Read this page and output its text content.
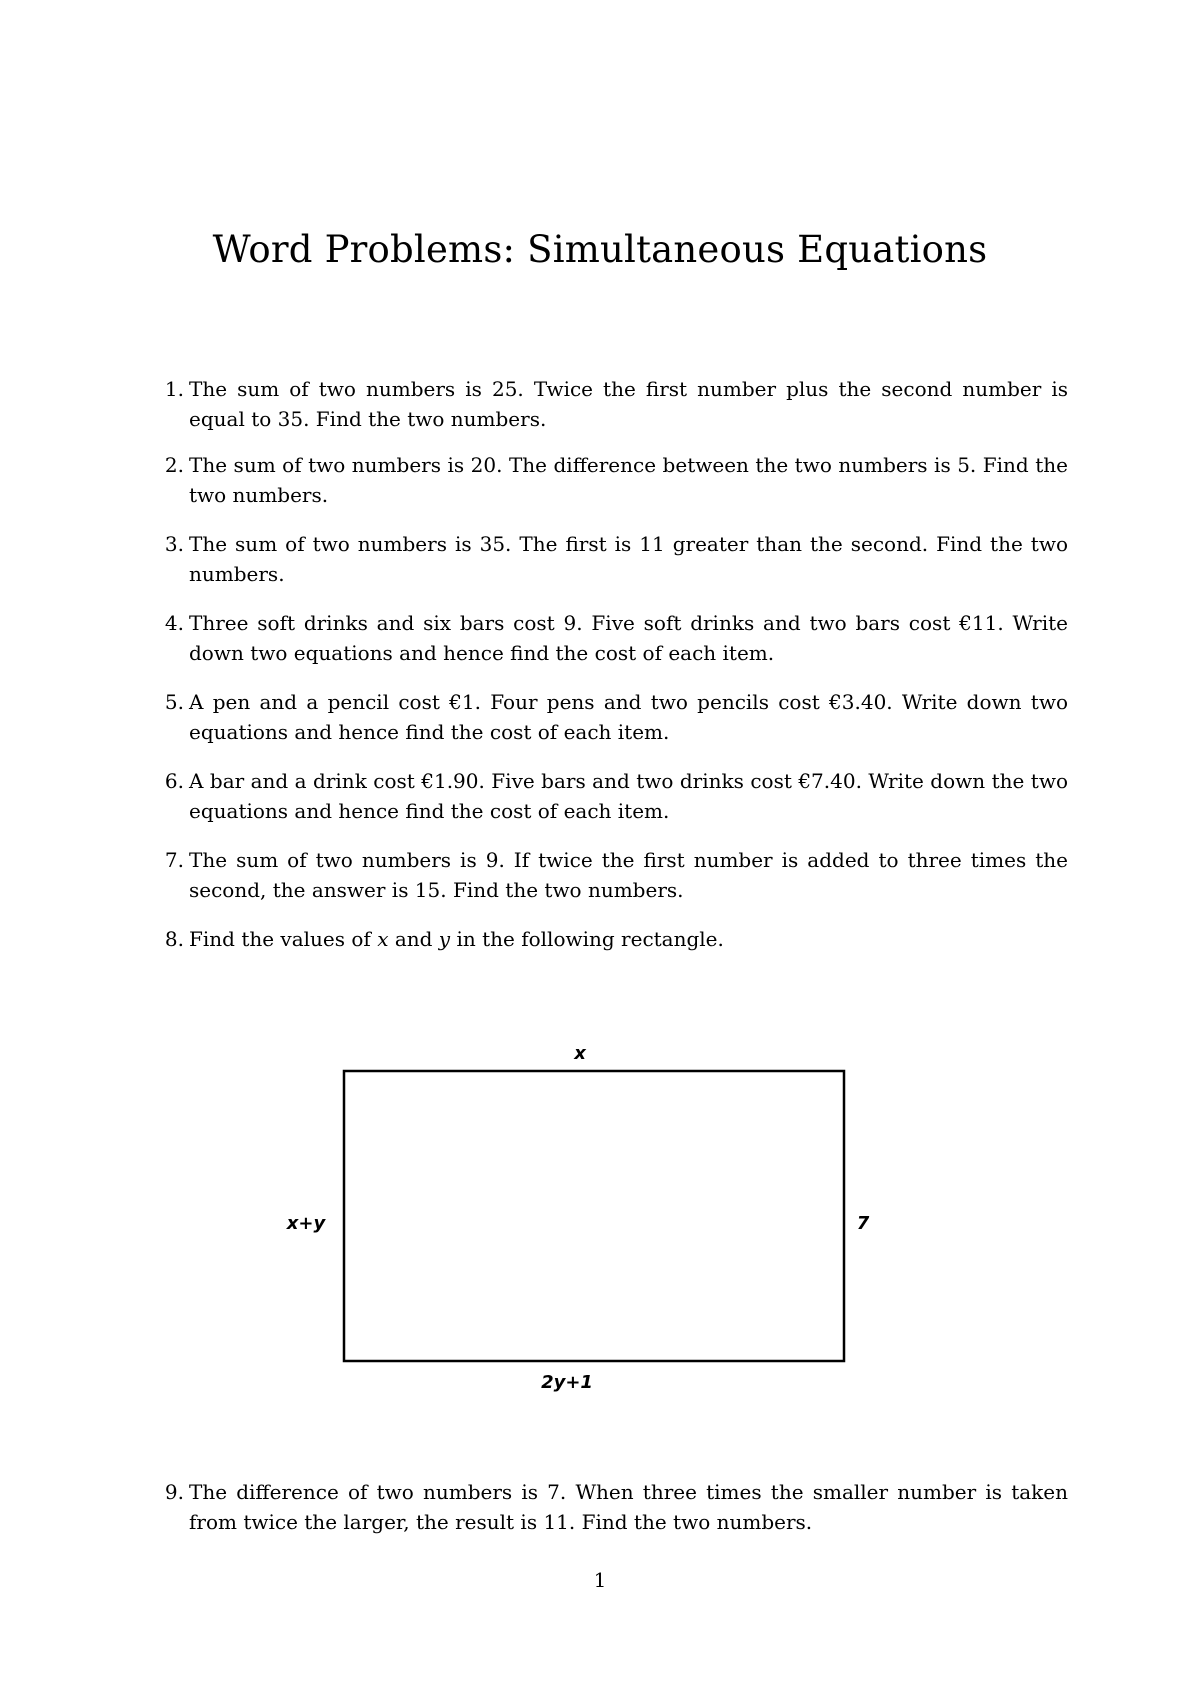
Word Problems: Simultaneous Equations
1. The sum of two numbers is 25. Twice the first number plus the second number is equal to 35. Find the two numbers.
2. The sum of two numbers is 20. The difference between the two numbers is 5. Find the two numbers.
3. The sum of two numbers is 35. The first is 11 greater than the second. Find the two numbers.
4. Three soft drinks and six bars cost 9. Five soft drinks and two bars cost €11. Write down two equations and hence find the cost of each item.
5. A pen and a pencil cost €1. Four pens and two pencils cost €3.40. Write down two equations and hence find the cost of each item.
6. A bar and a drink cost €1.90. Five bars and two drinks cost €7.40. Write down the two equations and hence find the cost of each item.
7. The sum of two numbers is 9. If twice the first number is added to three times the second, the answer is 15. Find the two numbers.
8. Find the values of x and y in the following rectangle.
x
x+y	7
2y+1
9. The difference of two numbers is 7. When three times the smaller number is taken from twice the larger, the result is 11. Find the two numbers.
1
